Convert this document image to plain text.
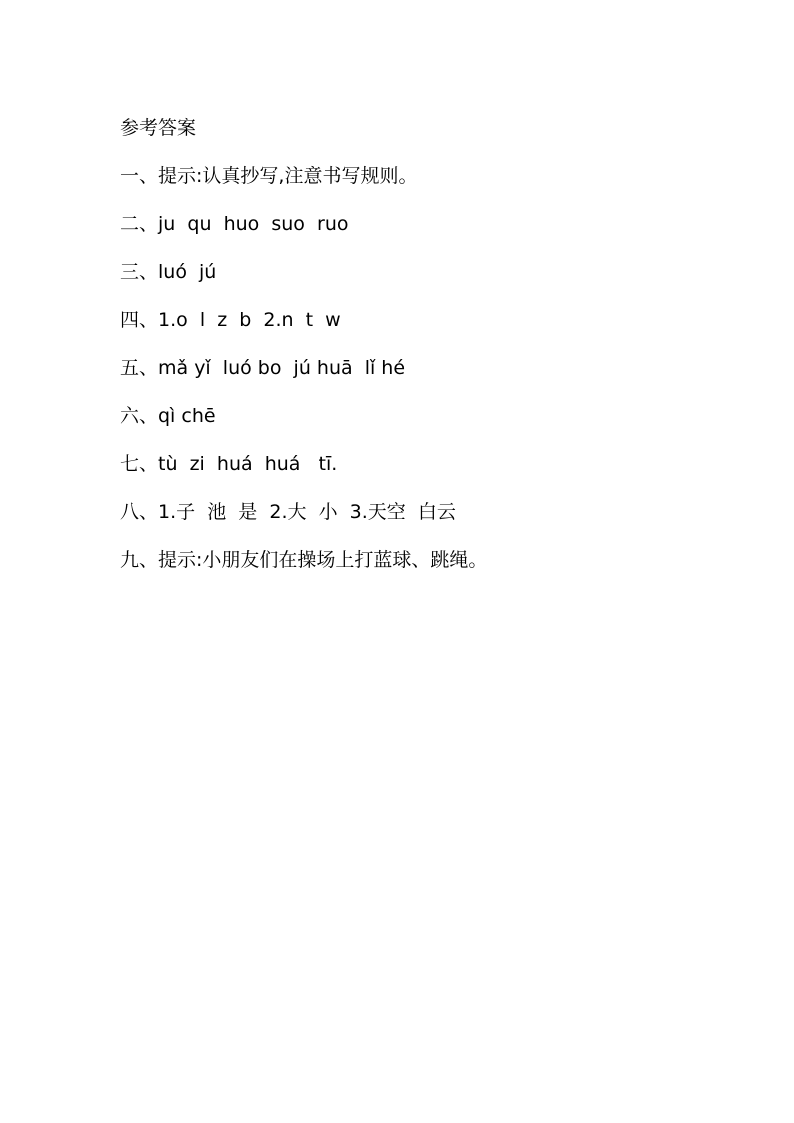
参考答案
一、提示:认真抄写,注意书写规则。
二、ju  qu  huo  suo  ruo
三、luó  jú
四、1.o  l  z  b  2.n  t  w
五、mǎ yǐ  luó bo  jú huā  lǐ hé
六、qì chē
七、tù  zi  huá  huá   tī.
八、1.子  池  是  2.大  小  3.天空  白云
九、提示:小朋友们在操场上打蓝球、跳绳。
